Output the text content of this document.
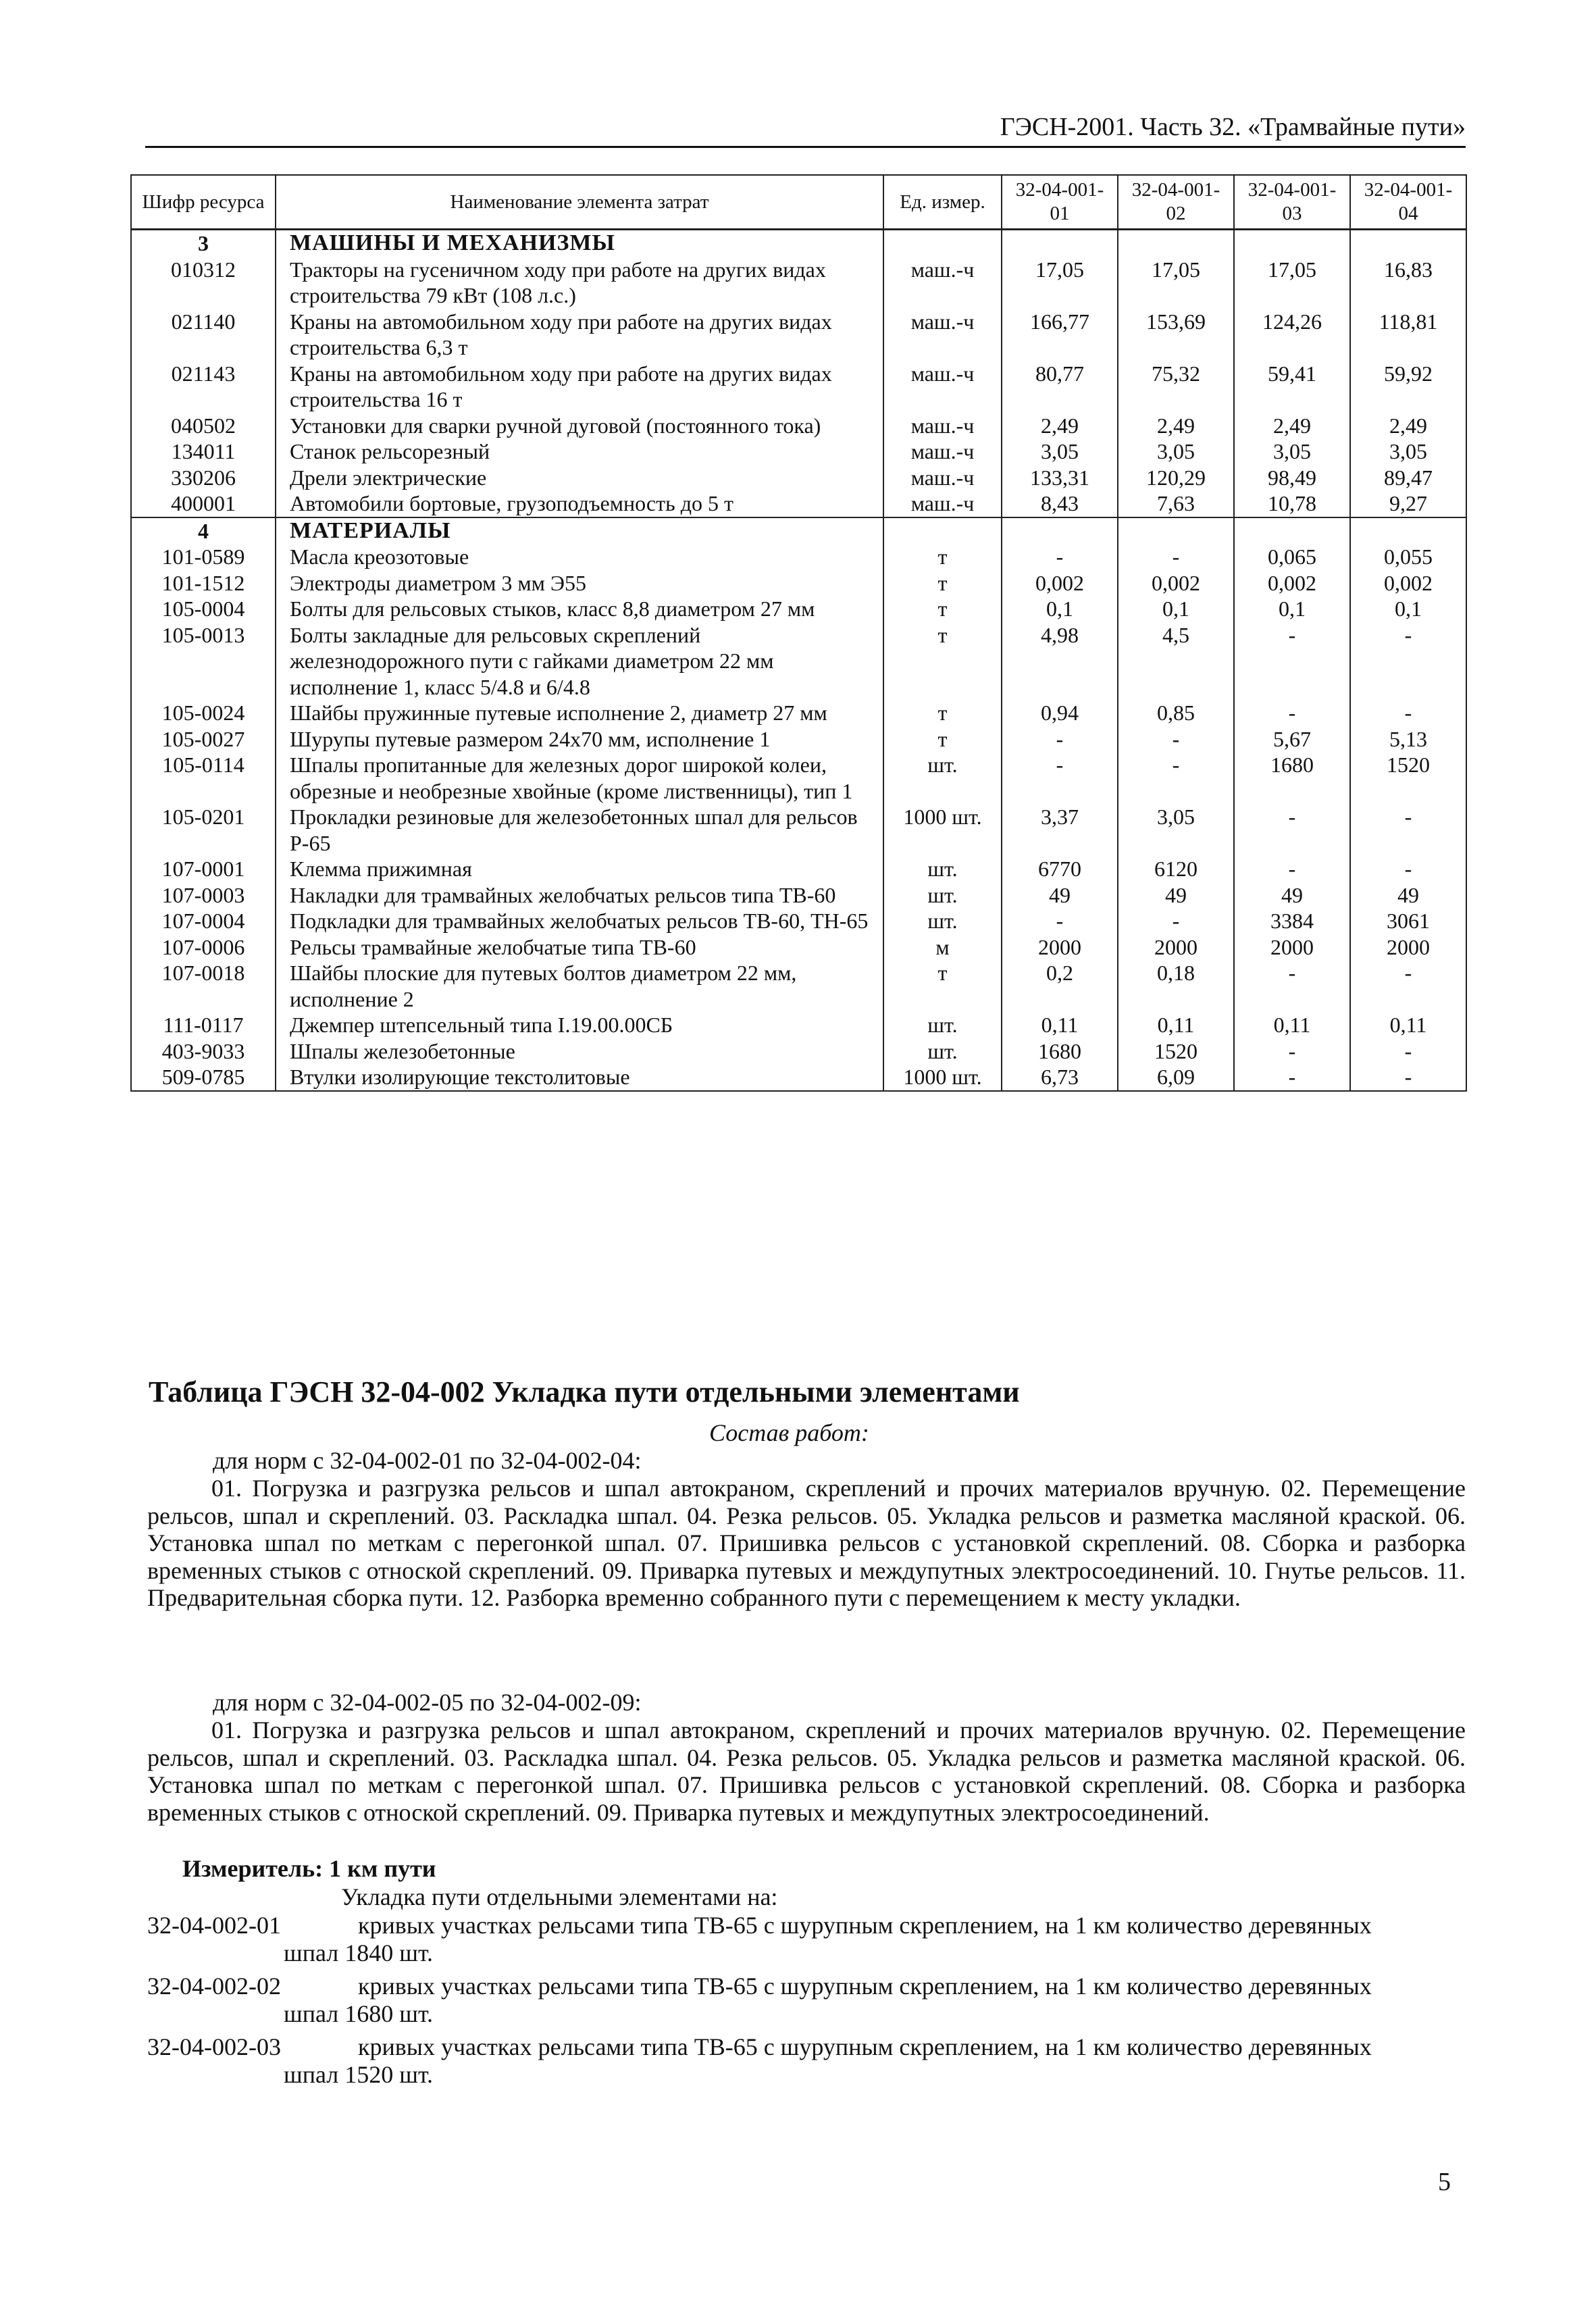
ГЭСН-2001. Часть 32. «Трамвайные пути»
Шифр ресурса	Наименование элемента затрат	Ед. измер.	32-04-001-01	32-04-001-02	32-04-001-03	32-04-001-04
3	МАШИНЫ И МЕХАНИЗМЫ					
010312	Тракторы на гусеничном ходу при работе на других видах строительства 79 кВт (108 л.с.)	маш.-ч	17,05	17,05	17,05	16,83
021140	Краны на автомобильном ходу при работе на других видах строительства 6,3 т	маш.-ч	166,77	153,69	124,26	118,81
021143	Краны на автомобильном ходу при работе на других видах строительства 16 т	маш.-ч	80,77	75,32	59,41	59,92
040502	Установки для сварки ручной дуговой (постоянного тока)	маш.-ч	2,49	2,49	2,49	2,49
134011	Станок рельсорезный	маш.-ч	3,05	3,05	3,05	3,05
330206	Дрели электрические	маш.-ч	133,31	120,29	98,49	89,47
400001	Автомобили бортовые, грузоподъемность до 5 т	маш.-ч	8,43	7,63	10,78	9,27
4	МАТЕРИАЛЫ					
101-0589	Масла креозотовые	т	-	-	0,065	0,055
101-1512	Электроды диаметром 3 мм Э55	т	0,002	0,002	0,002	0,002
105-0004	Болты для рельсовых стыков, класс 8,8 диаметром 27 мм	т	0,1	0,1	0,1	0,1
105-0013	Болты закладные для рельсовых скреплений железнодорожного пути с гайками диаметром 22 мм исполнение 1, класс 5/4.8 и 6/4.8	т	4,98	4,5	-	-
105-0024	Шайбы пружинные путевые исполнение 2, диаметр 27 мм	т	0,94	0,85	-	-
105-0027	Шурупы путевые размером 24х70 мм, исполнение 1	т	-	-	5,67	5,13
105-0114	Шпалы пропитанные для железных дорог широкой колеи, обрезные и необрезные хвойные (кроме лиственницы), тип 1	шт.	-	-	1680	1520
105-0201	Прокладки резиновые для железобетонных шпал для рельсов Р-65	1000 шт.	3,37	3,05	-	-
107-0001	Клемма прижимная	шт.	6770	6120	-	-
107-0003	Накладки для трамвайных желобчатых рельсов типа ТВ-60	шт.	49	49	49	49
107-0004	Подкладки для трамвайных желобчатых рельсов ТВ-60, ТН-65	шт.	-	-	3384	3061
107-0006	Рельсы трамвайные желобчатые типа ТВ-60	м	2000	2000	2000	2000
107-0018	Шайбы плоские для путевых болтов диаметром 22 мм, исполнение 2	т	0,2	0,18	-	-
111-0117	Джемпер штепсельный типа I.19.00.00СБ	шт.	0,11	0,11	0,11	0,11
403-9033	Шпалы железобетонные	шт.	1680	1520	-	-
509-0785	Втулки изолирующие текстолитовые	1000 шт.	6,73	6,09	-	-
Таблица ГЭСН 32-04-002 Укладка пути отдельными элементами
Состав работ:
для норм с 32-04-002-01 по 32-04-002-04:

01. Погрузка и разгрузка рельсов и шпал автокраном, скреплений и прочих материалов вручную. 02. Перемещение рельсов, шпал и скреплений. 03. Раскладка шпал. 04. Резка рельсов. 05. Укладка рельсов и разметка масляной краской. 06. Установка шпал по меткам с перегонкой шпал. 07. Пришивка рельсов с установкой скреплений. 08. Сборка и разборка временных стыков с отноской скреплений. 09. Приварка путевых и междупутных электросоединений. 10. Гнутье рельсов. 11. Предварительная сборка пути. 12. Разборка временно собранного пути с перемещением к месту укладки.

для норм с 32-04-002-05 по 32-04-002-09:

01. Погрузка и разгрузка рельсов и шпал автокраном, скреплений и прочих материалов вручную. 02. Перемещение рельсов, шпал и скреплений. 03. Раскладка шпал. 04. Резка рельсов. 05. Укладка рельсов и разметка масляной краской. 06. Установка шпал по меткам с перегонкой шпал. 07. Пришивка рельсов с установкой скреплений. 08. Сборка и разборка временных стыков с отноской скреплений. 09. Приварка путевых и междупутных электросоединений.

Измеритель: 1 км пути
Укладка пути отдельными элементами на:
32-04-002-01	кривых участках рельсами типа ТВ-65 с шурупным скреплением, на 1 км количество деревянных шпал 1840 шт.

32-04-002-02	кривых участках рельсами типа ТВ-65 с шурупным скреплением, на 1 км количество деревянных шпал 1680 шт.

32-04-002-03	кривых участках рельсами типа ТВ-65 с шурупным скреплением, на 1 км количество деревянных шпал 1520 шт.

5
